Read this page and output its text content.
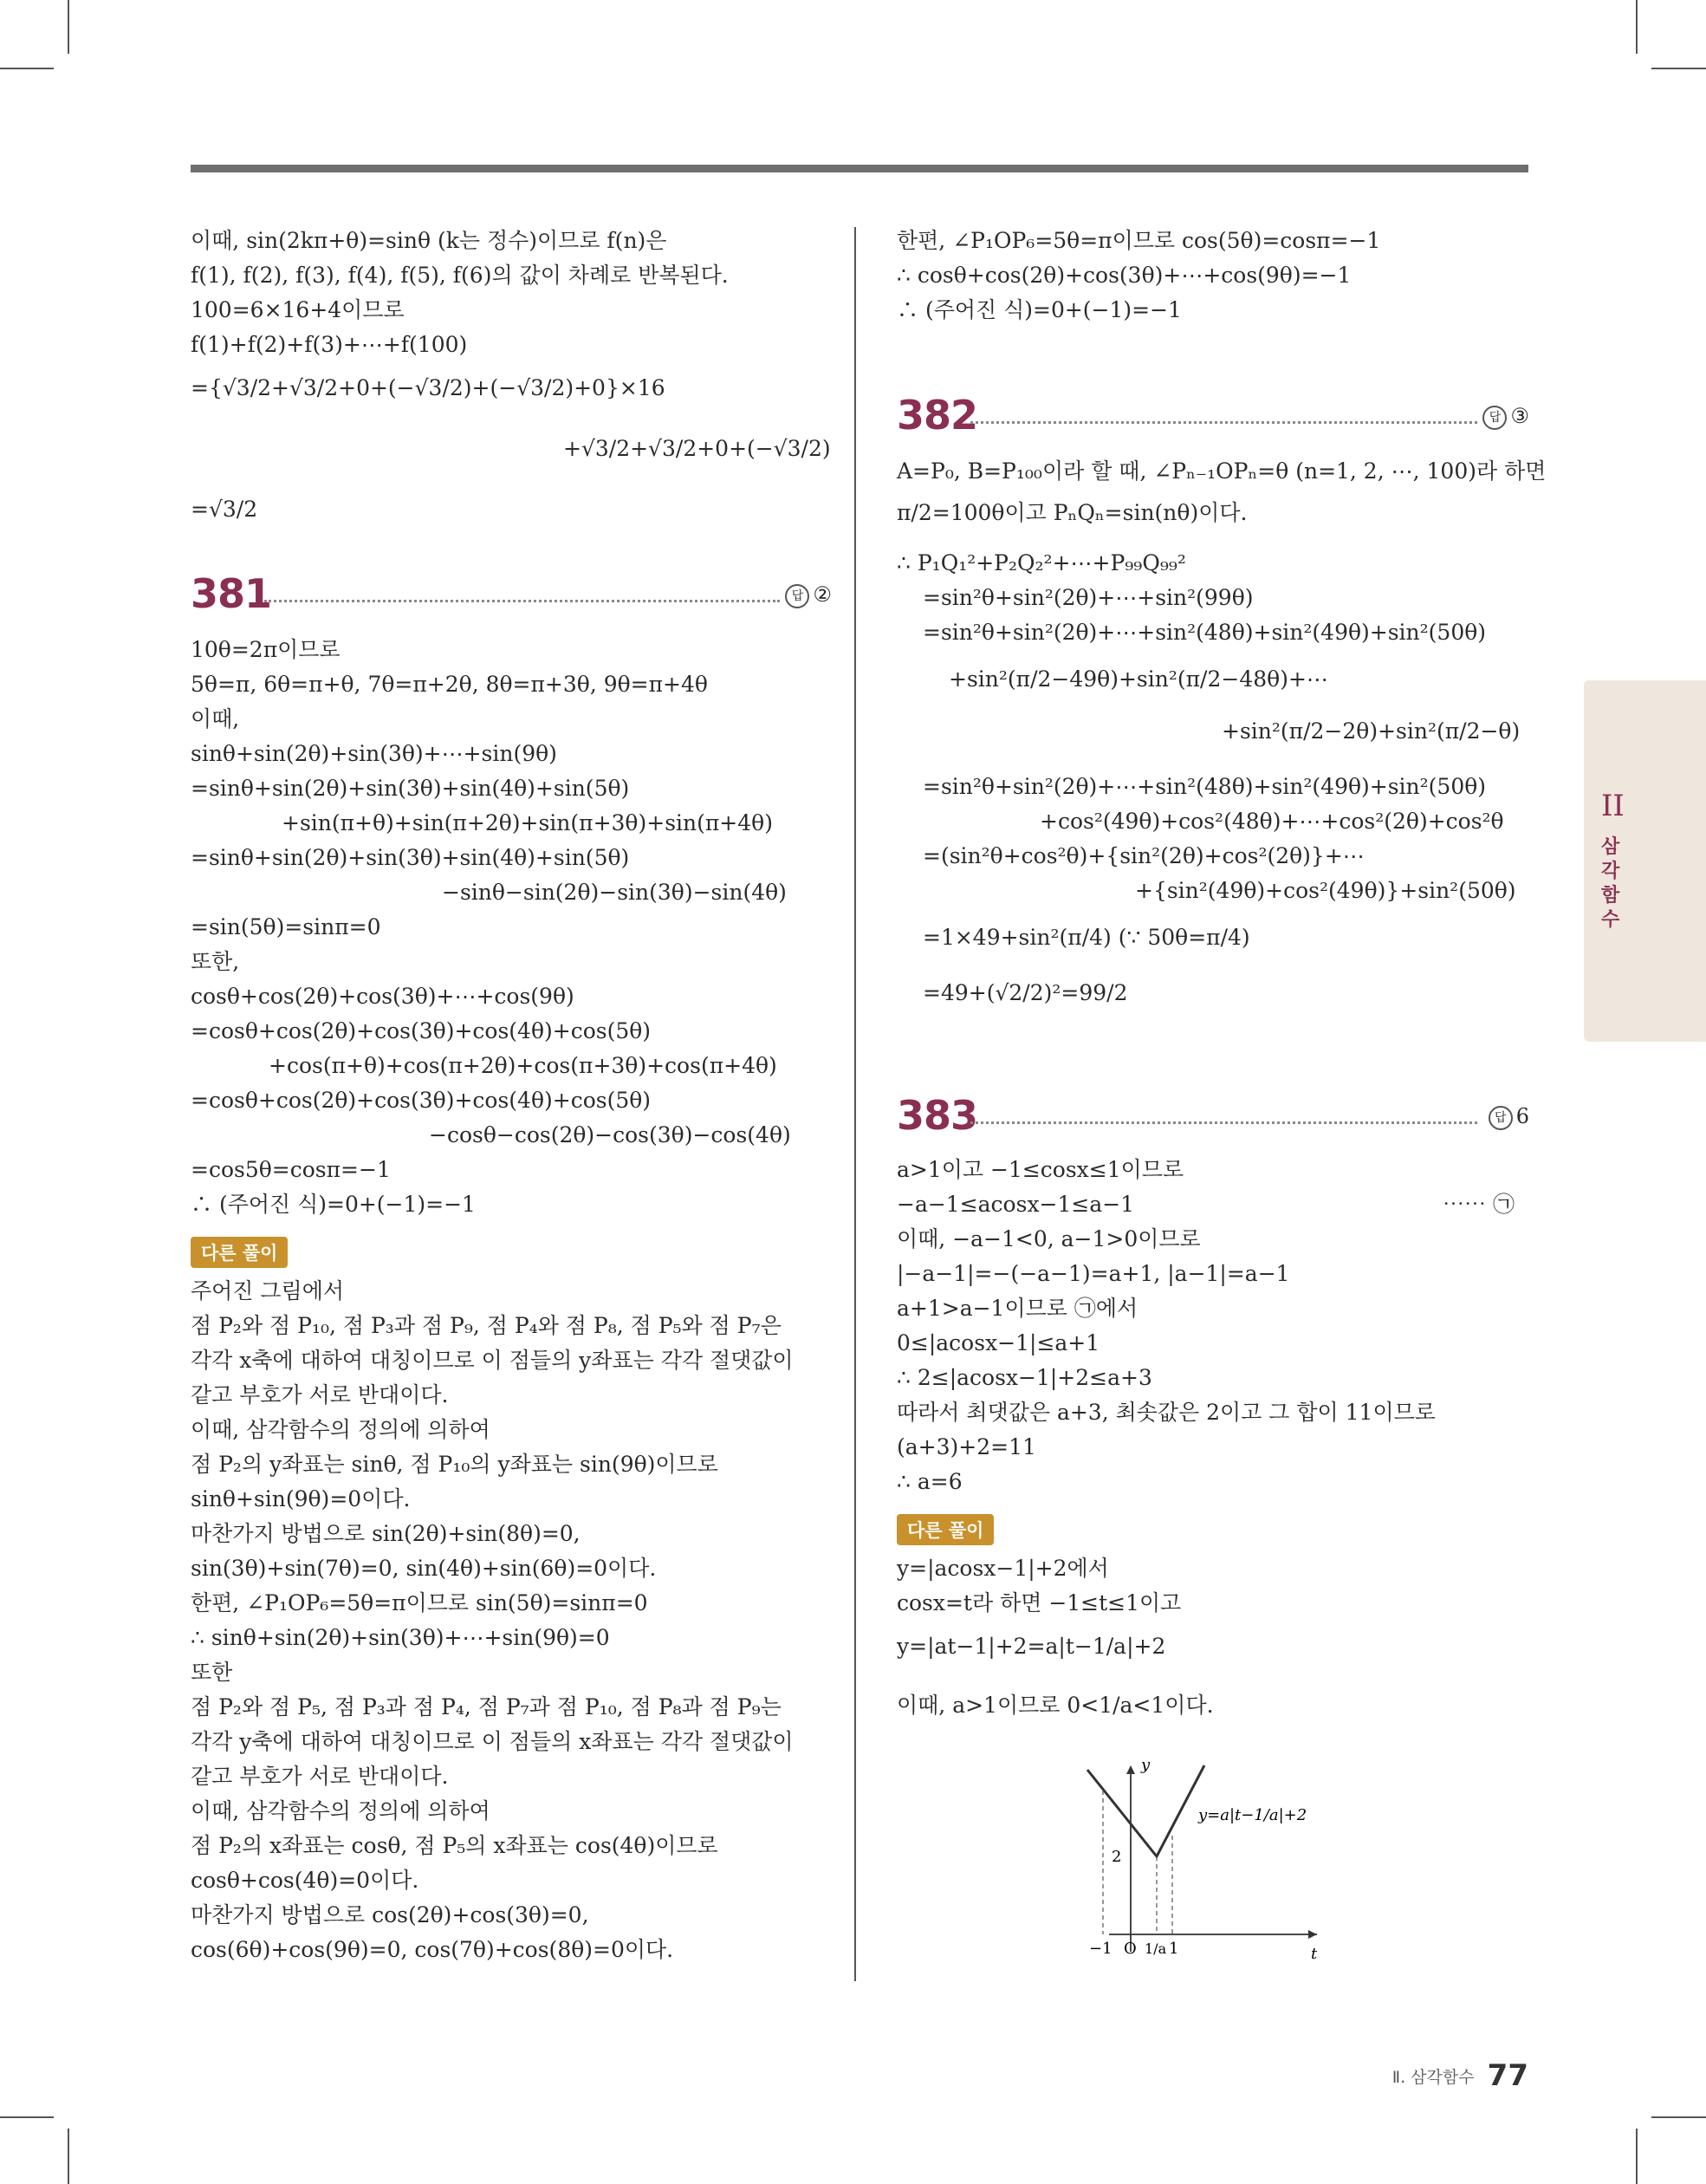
이때, sin(2kπ+θ)=sinθ (k는 정수)이므로 f(n)은
f(1), f(2), f(3), f(4), f(5), f(6)의 값이 차례로 반복된다.
100=6×16+4이므로
f(1)+f(2)+f(3)+⋯+f(100)
={√3/2+√3/2+0+(−√3/2)+(−√3/2)+0}×16
+√3/2+√3/2+0+(−√3/2)
=√3/2
381	답 ②
10θ=2π이므로
5θ=π, 6θ=π+θ, 7θ=π+2θ, 8θ=π+3θ, 9θ=π+4θ
이때,
sinθ+sin(2θ)+sin(3θ)+⋯+sin(9θ)
=sinθ+sin(2θ)+sin(3θ)+sin(4θ)+sin(5θ)
+sin(π+θ)+sin(π+2θ)+sin(π+3θ)+sin(π+4θ)
=sinθ+sin(2θ)+sin(3θ)+sin(4θ)+sin(5θ)
−sinθ−sin(2θ)−sin(3θ)−sin(4θ)
=sin(5θ)=sinπ=0
또한,
cosθ+cos(2θ)+cos(3θ)+⋯+cos(9θ)
=cosθ+cos(2θ)+cos(3θ)+cos(4θ)+cos(5θ)
+cos(π+θ)+cos(π+2θ)+cos(π+3θ)+cos(π+4θ)
=cosθ+cos(2θ)+cos(3θ)+cos(4θ)+cos(5θ)
−cosθ−cos(2θ)−cos(3θ)−cos(4θ)
=cos5θ=cosπ=−1
∴ (주어진 식)=0+(−1)=−1
다른 풀이
주어진 그림에서
점 P₂와 점 P₁₀, 점 P₃과 점 P₉, 점 P₄와 점 P₈, 점 P₅와 점 P₇은
각각 x축에 대하여 대칭이므로 이 점들의 y좌표는 각각 절댓값이
같고 부호가 서로 반대이다.
이때, 삼각함수의 정의에 의하여
점 P₂의 y좌표는 sinθ, 점 P₁₀의 y좌표는 sin(9θ)이므로
sinθ+sin(9θ)=0이다.
마찬가지 방법으로 sin(2θ)+sin(8θ)=0,
sin(3θ)+sin(7θ)=0, sin(4θ)+sin(6θ)=0이다.
한편, ∠P₁OP₆=5θ=π이므로 sin(5θ)=sinπ=0
∴ sinθ+sin(2θ)+sin(3θ)+⋯+sin(9θ)=0
또한
점 P₂와 점 P₅, 점 P₃과 점 P₄, 점 P₇과 점 P₁₀, 점 P₈과 점 P₉는
각각 y축에 대하여 대칭이므로 이 점들의 x좌표는 각각 절댓값이
같고 부호가 서로 반대이다.
이때, 삼각함수의 정의에 의하여
점 P₂의 x좌표는 cosθ, 점 P₅의 x좌표는 cos(4θ)이므로
cosθ+cos(4θ)=0이다.
마찬가지 방법으로 cos(2θ)+cos(3θ)=0,
cos(6θ)+cos(9θ)=0, cos(7θ)+cos(8θ)=0이다.
한편, ∠P₁OP₆=5θ=π이므로 cos(5θ)=cosπ=−1
∴ cosθ+cos(2θ)+cos(3θ)+⋯+cos(9θ)=−1
∴ (주어진 식)=0+(−1)=−1
382	답 ③
A=P₀, B=P₁₀₀이라 할 때, ∠Pₙ₋₁OPₙ=θ (n=1, 2, ⋯, 100)라 하면
π/2=100θ이고 PₙQₙ=sin(nθ)이다.
∴ P₁Q₁²+P₂Q₂²+⋯+P₉₉Q₉₉²
=sin²θ+sin²(2θ)+⋯+sin²(99θ)
=sin²θ+sin²(2θ)+⋯+sin²(48θ)+sin²(49θ)+sin²(50θ)
+sin²(π/2−49θ)+sin²(π/2−48θ)+⋯
+sin²(π/2−2θ)+sin²(π/2−θ)
=sin²θ+sin²(2θ)+⋯+sin²(48θ)+sin²(49θ)+sin²(50θ)
+cos²(49θ)+cos²(48θ)+⋯+cos²(2θ)+cos²θ
=(sin²θ+cos²θ)+{sin²(2θ)+cos²(2θ)}+⋯
+{sin²(49θ)+cos²(49θ)}+sin²(50θ)
=1×49+sin²(π/4) (∵ 50θ=π/4)
=49+(√2/2)²=99/2
383	답 6
a>1이고 −1≤cosx≤1이므로
−a−1≤acosx−1≤a−1	⋯⋯ ㉠
이때, −a−1<0, a−1>0이므로
|−a−1|=−(−a−1)=a+1, |a−1|=a−1
a+1>a−1이므로 ㉠에서
0≤|acosx−1|≤a+1
∴ 2≤|acosx−1|+2≤a+3
따라서 최댓값은 a+3, 최솟값은 2이고 그 합이 11이므로
(a+3)+2=11
∴ a=6
다른 풀이
y=|acosx−1|+2에서
cosx=t라 하면 −1≤t≤1이고
y=|at−1|+2=a|t−1/a|+2
이때, a>1이므로 0<1/a<1이다.
y
t
y=a|t−1/a|+2
2
−1 O 1/a 1
II
삼
각
함
수
Ⅱ. 삼각함수 77
